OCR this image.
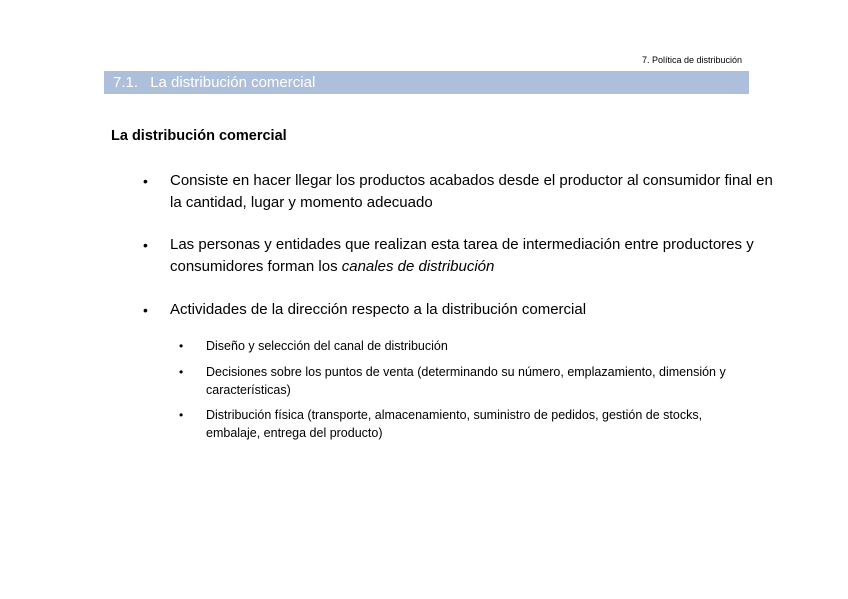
7. Política de distribución
7.1. La distribución comercial
La distribución comercial
•	Consiste en hacer llegar los productos acabados desde el productor al consumidor final en la cantidad, lugar y momento adecuado
•	Las personas y entidades que realizan esta tarea de intermediación entre productores y consumidores forman los canales de distribución
•	Actividades de la dirección respecto a la distribución comercial
•	Diseño y selección del canal de distribución
•	Decisiones sobre los puntos de venta (determinando su número, emplazamiento, dimensión y características)
•	Distribución física (transporte, almacenamiento, suministro de pedidos, gestión de stocks, embalaje, entrega del producto)
